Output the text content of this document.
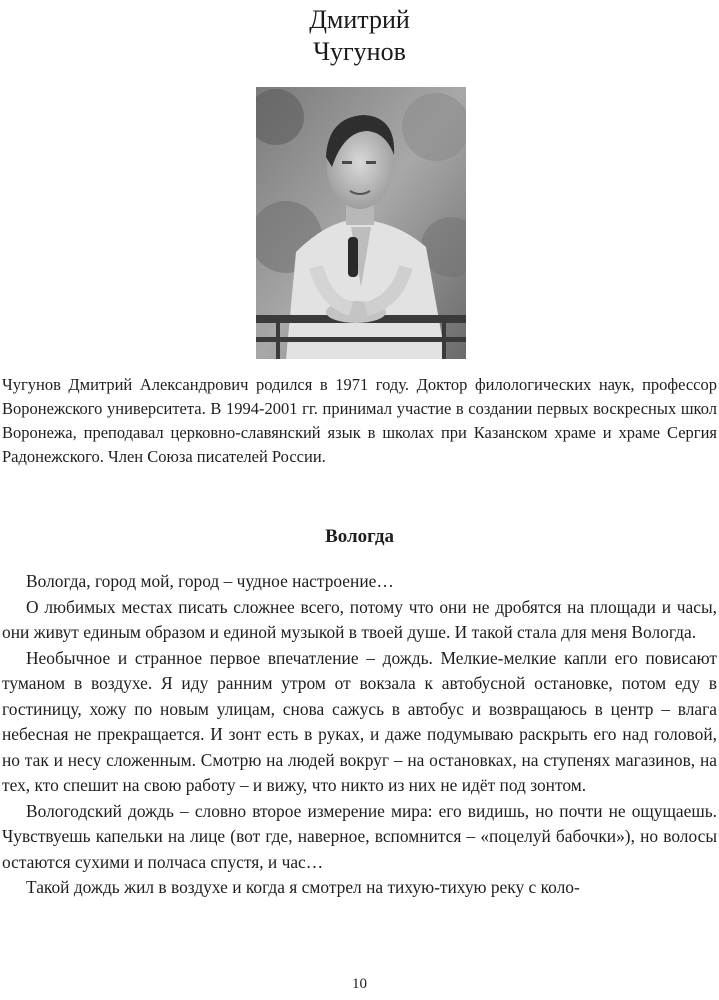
Дмитрий
Чугунов

Чугунов Дмитрий Александрович родился в 1971 году. Доктор филологических наук, профессор Воронежского университета. В 1994-2001 гг. принимал участие в создании первых воскресных школ Воронежа, преподавал церковно-славянский язык в школах при Казанском храме и храме Сергия Радонежского. Член Союза писателей России.

Вологда

Вологда, город мой, город – чудное настроение…

О любимых местах писать сложнее всего, потому что они не дробятся на площади и часы, они живут единым образом и единой музыкой в твоей душе. И такой стала для меня Вологда.

Необычное и странное первое впечатление – дождь. Мелкие-мелкие капли его повисают туманом в воздухе. Я иду ранним утром от вокзала к автобусной остановке, потом еду в гостиницу, хожу по новым улицам, снова сажусь в автобус и возвращаюсь в центр – влага небесная не прекращается. И зонт есть в руках, и даже подумываю раскрыть его над головой, но так и несу сложенным. Смотрю на людей вокруг – на остановках, на ступенях магазинов, на тех, кто спешит на свою работу – и вижу, что никто из них не идёт под зонтом.

Вологодский дождь – словно второе измерение мира: его видишь, но почти не ощущаешь. Чувствуешь капельки на лице (вот где, наверное, вспомнится – «поцелуй бабочки»), но волосы остаются сухими и полчаса спустя, и час…

Такой дождь жил в воздухе и когда я смотрел на тихую-тихую реку с коло-

10
